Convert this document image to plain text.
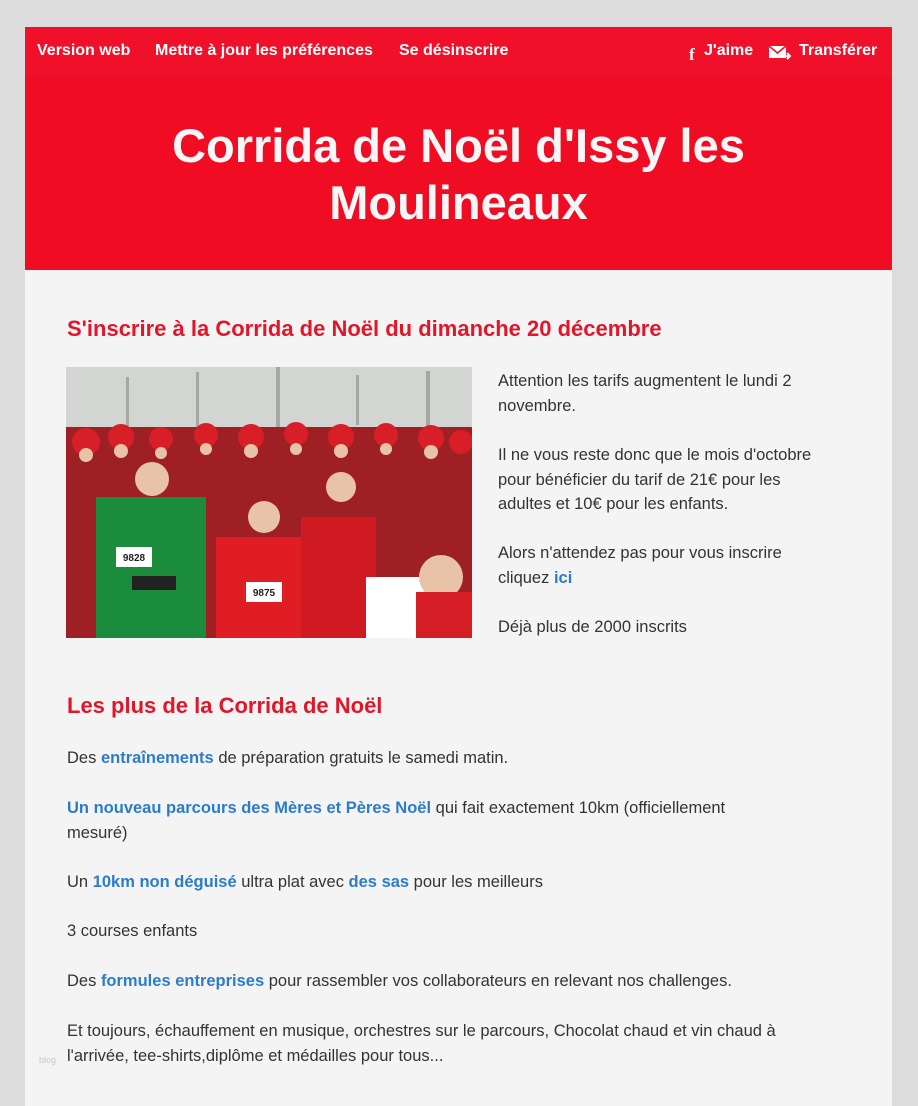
Version web Mettre à jour les préférences Se désinscrire	f J'aime	Transférer
Corrida de Noël d'Issy les
Moulineaux
S'inscrire à la Corrida de Noël du dimanche 20 décembre
9828
9875

Attention les tarifs augmentent le lundi 2
novembre.

Il ne vous reste donc que le mois d'octobre
pour bénéficier du tarif de 21€ pour les
adultes et 10€ pour les enfants.

Alors n'attendez pas pour vous inscrire
cliquez ici

Déjà plus de 2000 inscrits

Les plus de la Corrida de Noël

Des entraînements de préparation gratuits le samedi matin.

Un nouveau parcours des Mères et Pères Noël qui fait exactement 10km (officiellement
mesuré)

Un 10km non déguisé ultra plat avec des sas pour les meilleurs

3 courses enfants

Des formules entreprises pour rassembler vos collaborateurs en relevant nos challenges.

Et toujours, échauffement en musique, orchestres sur le parcours, Chocolat chaud et vin chaud à
l'arrivée, tee-shirts,diplôme et médailles pour tous...

blog
